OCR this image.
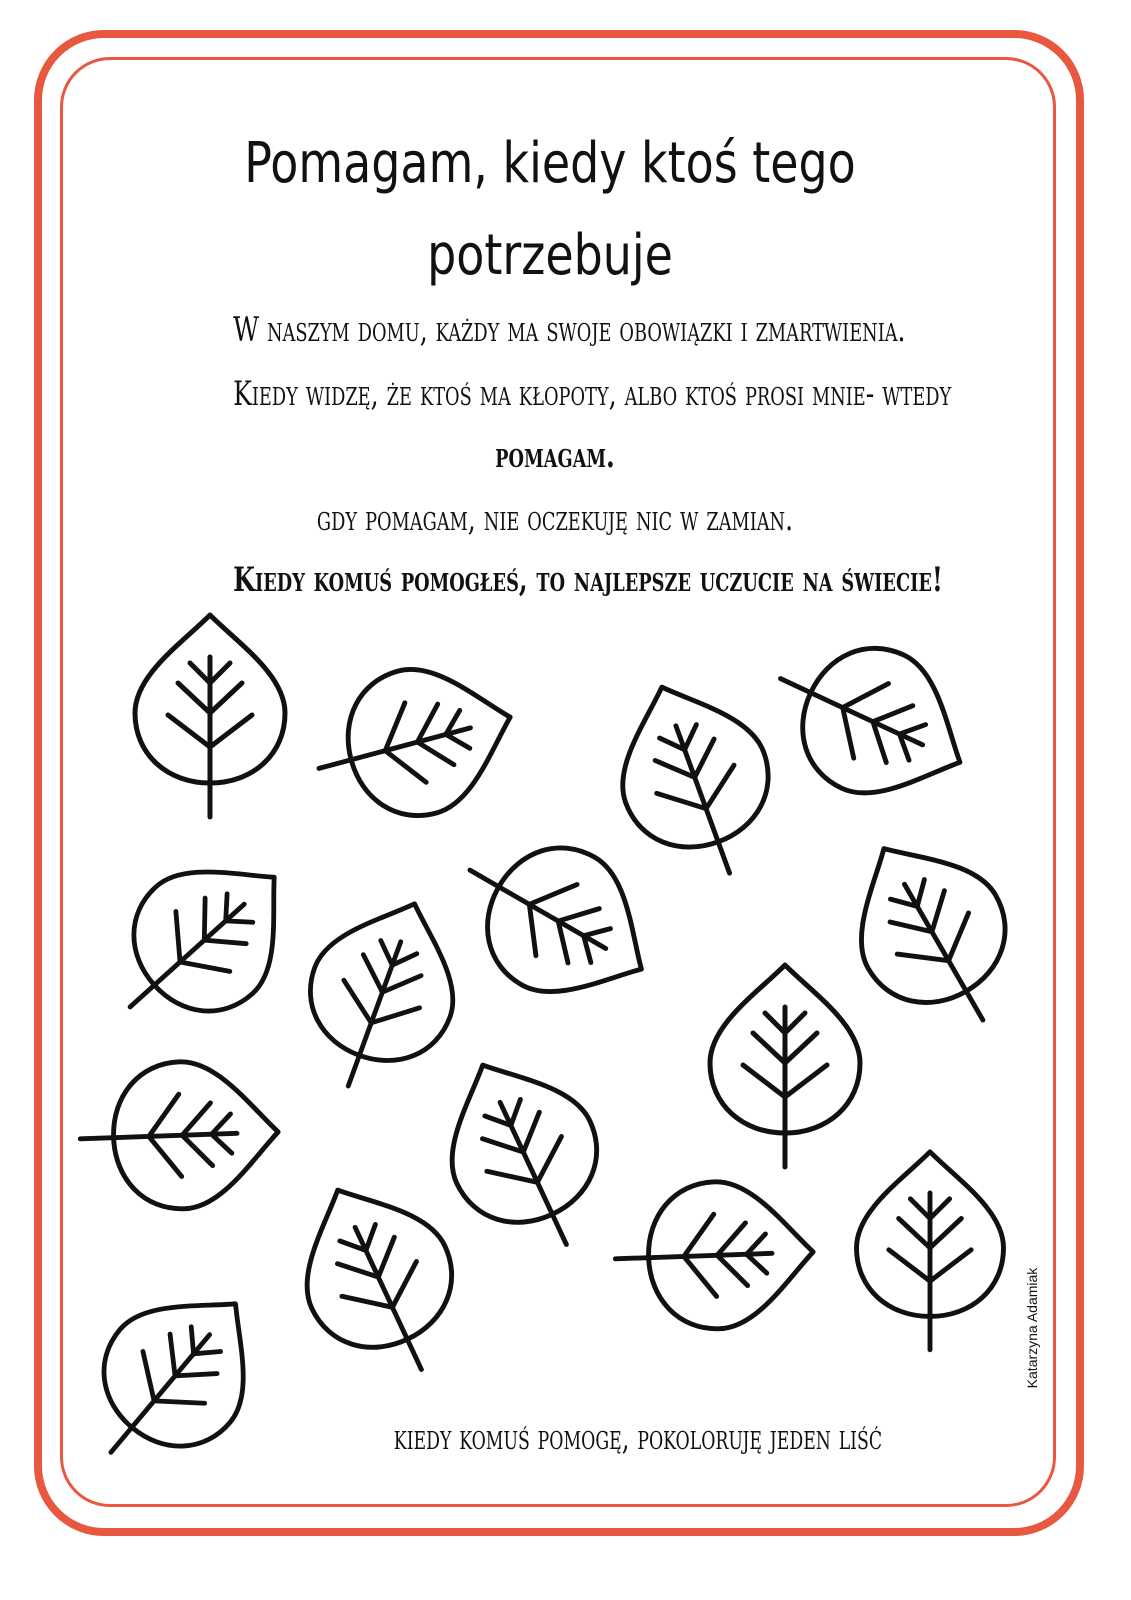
Pomagam, kiedy ktoś tego
potrzebuje
W naszym domu, każdy ma swoje obowiązki i zmartwienia.
Kiedy widzę, że ktoś ma kłopoty, albo ktoś prosi mnie- wtedy
pomagam.
gdy pomagam, nie oczekuję nic w zamian.
Kiedy komuś pomogłeś, to najlepsze uczucie na świecie!
kiedy komuś pomogę, pokoloruję jeden liść
Katarzyna Adamiak
